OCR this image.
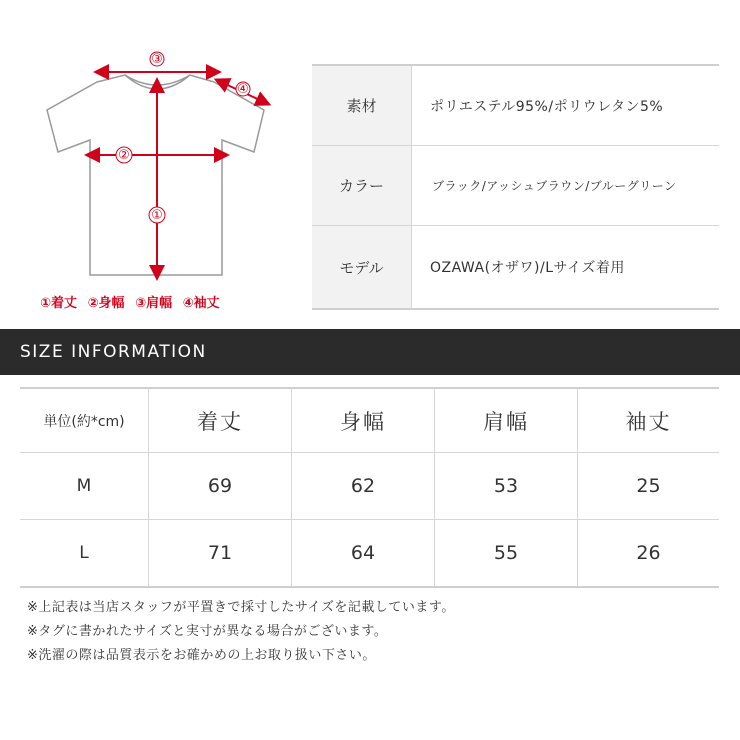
③
④
②
①
①着丈 ②身幅 ③肩幅 ④袖丈
素材	ポリエステル95%/ポリウレタン5%
カラー	ブラック/アッシュブラウン/ブルーグリーン
モデル	OZAWA(オザワ)/Lサイズ着用
SIZE INFORMATION
単位(約*cm)	着丈	身幅	肩幅	袖丈
M	69	62	53	25
L	71	64	55	26
※上記表は当店スタッフが平置きで採寸したサイズを記載しています。
※タグに書かれたサイズと実寸が異なる場合がございます。
※洗濯の際は品質表示をお確かめの上お取り扱い下さい。
